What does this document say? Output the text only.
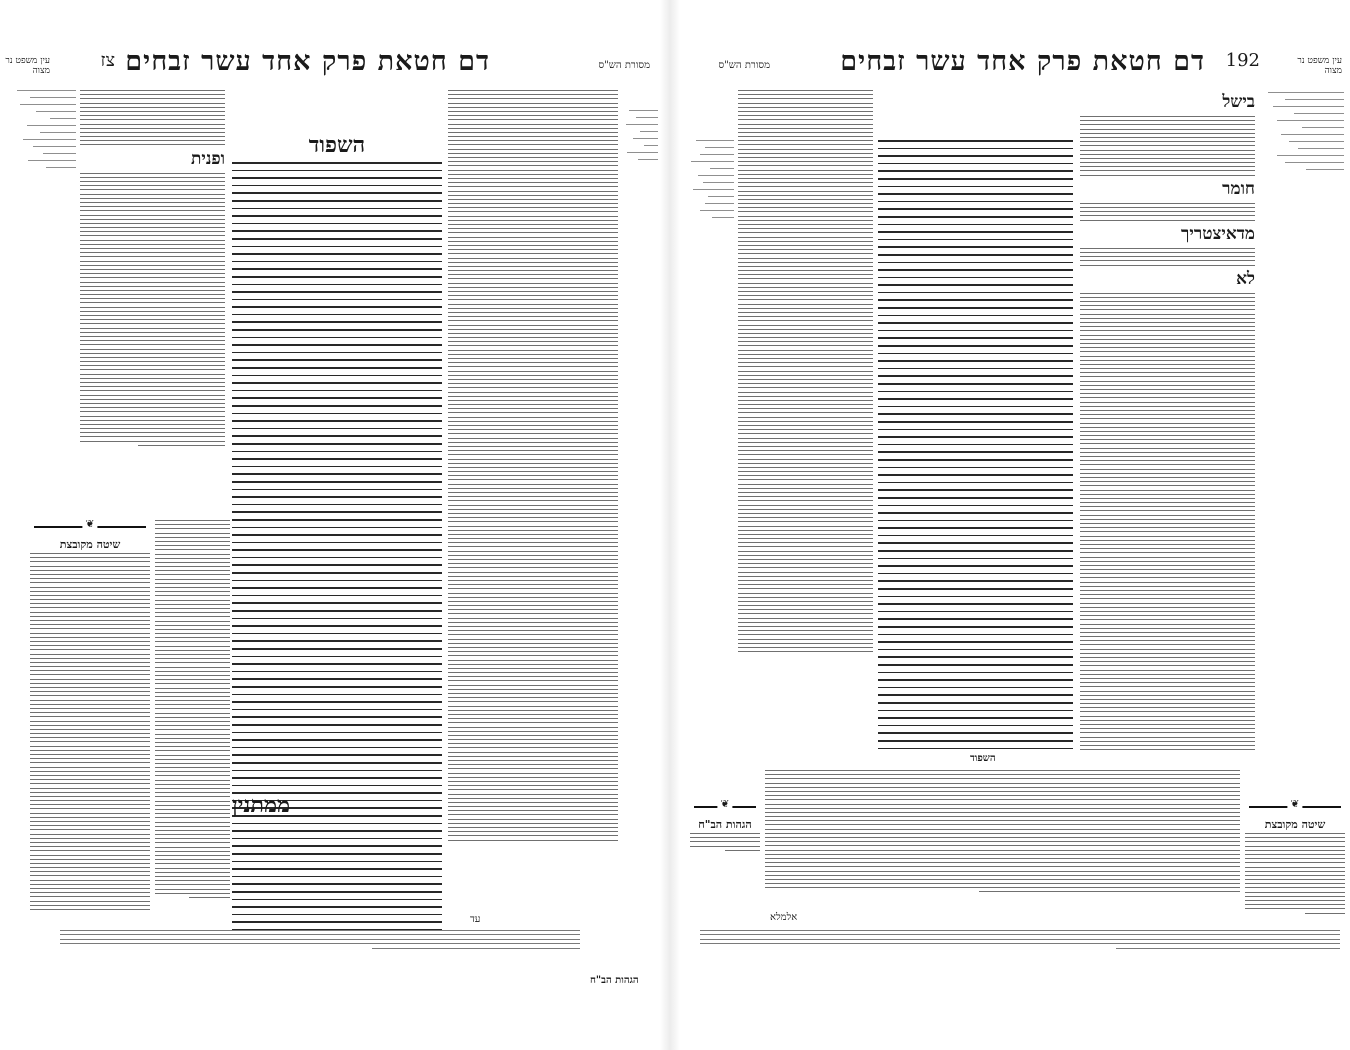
עין משפט נר מצוה	צז דם חטאת פרק אחד עשר זבחים	מסורת הש"ס
ופנית
❦
שיטה מקובצת
השפוד
ממתנין
הגהות הב"ח
עד
מסורת הש"ס	דם חטאת פרק אחד עשר זבחים 192	עין משפט נר מצוה
השפוד
בישל
חומר
מדאיצטריך
לא
❦
שיטה מקובצת
❦
הגהות הב"ח
אלמלא
